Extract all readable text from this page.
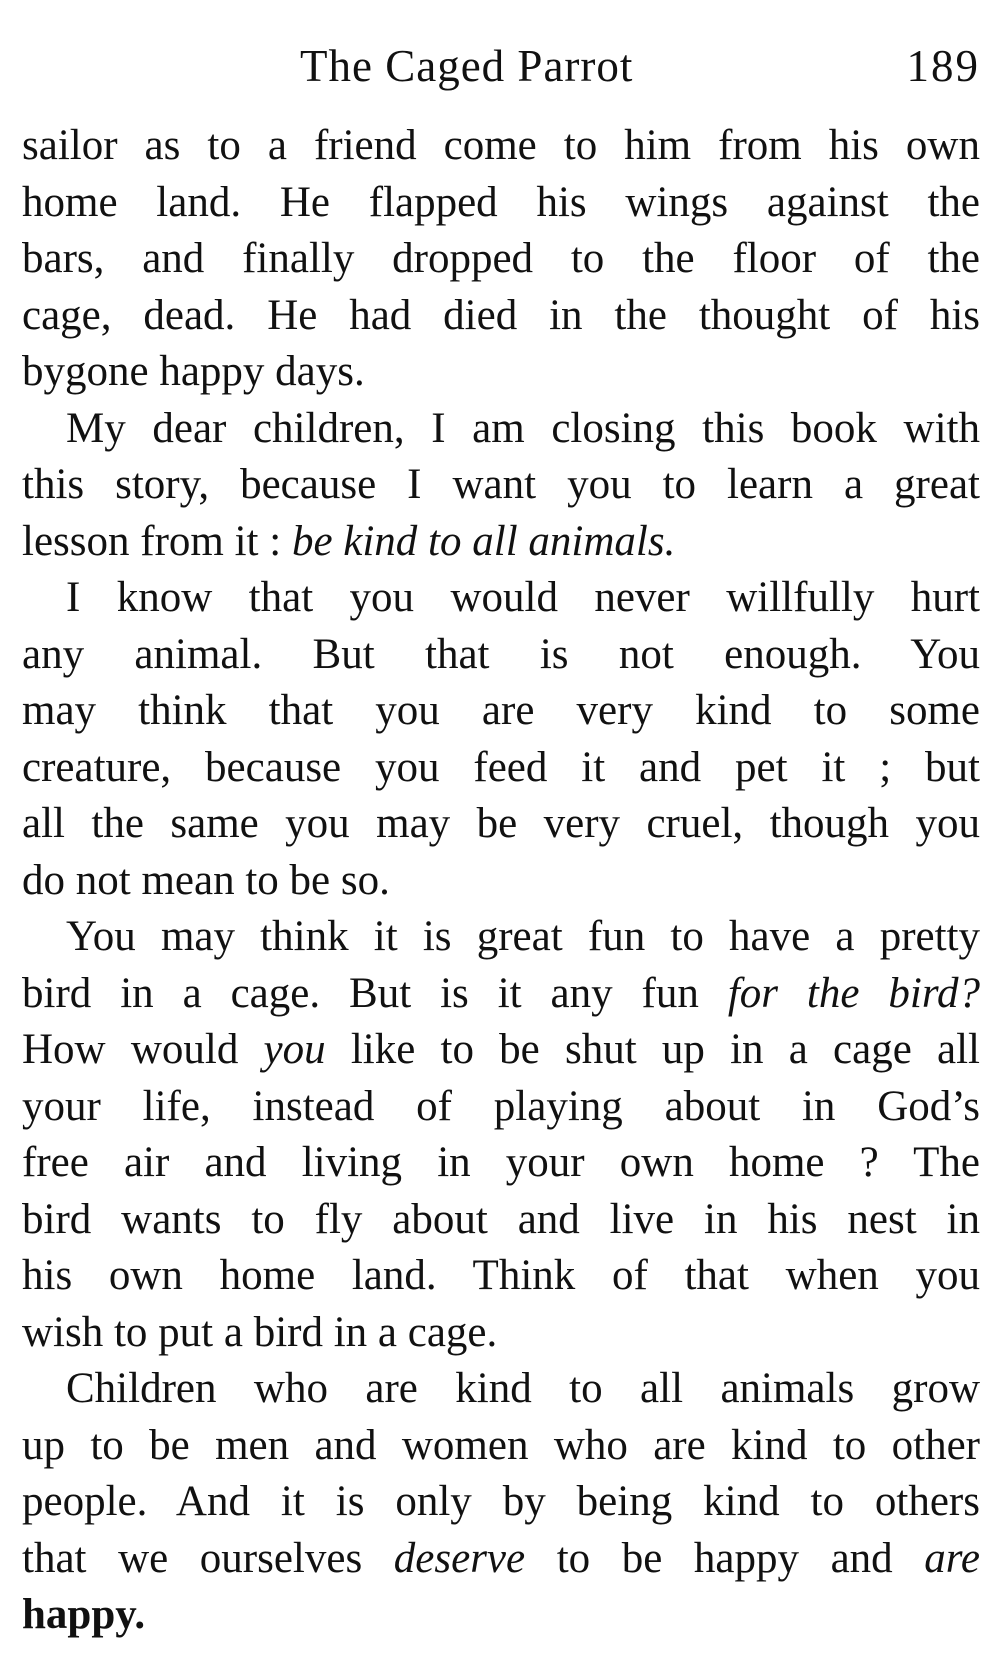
The Caged Parrot	189
sailor as to a friend come to him from his own
home land. He flapped his wings against the
bars, and finally dropped to the floor of the
cage, dead. He had died in the thought of his
bygone happy days.
My dear children, I am closing this book with
this story, because I want you to learn a great
lesson from it : be kind to all animals.
I know that you would never willfully hurt
any animal. But that is not enough. You
may think that you are very kind to some
creature, because you feed it and pet it ; but
all the same you may be very cruel, though you
do not mean to be so.
You may think it is great fun to have a pretty
bird in a cage. But is it any fun for the bird?
How would you like to be shut up in a cage all
your life, instead of playing about in God’s
free air and living in your own home ? The
bird wants to fly about and live in his nest in
his own home land. Think of that when you
wish to put a bird in a cage.
Children who are kind to all animals grow
up to be men and women who are kind to other
people. And it is only by being kind to others
that we ourselves deserve to be happy and are
happy.
